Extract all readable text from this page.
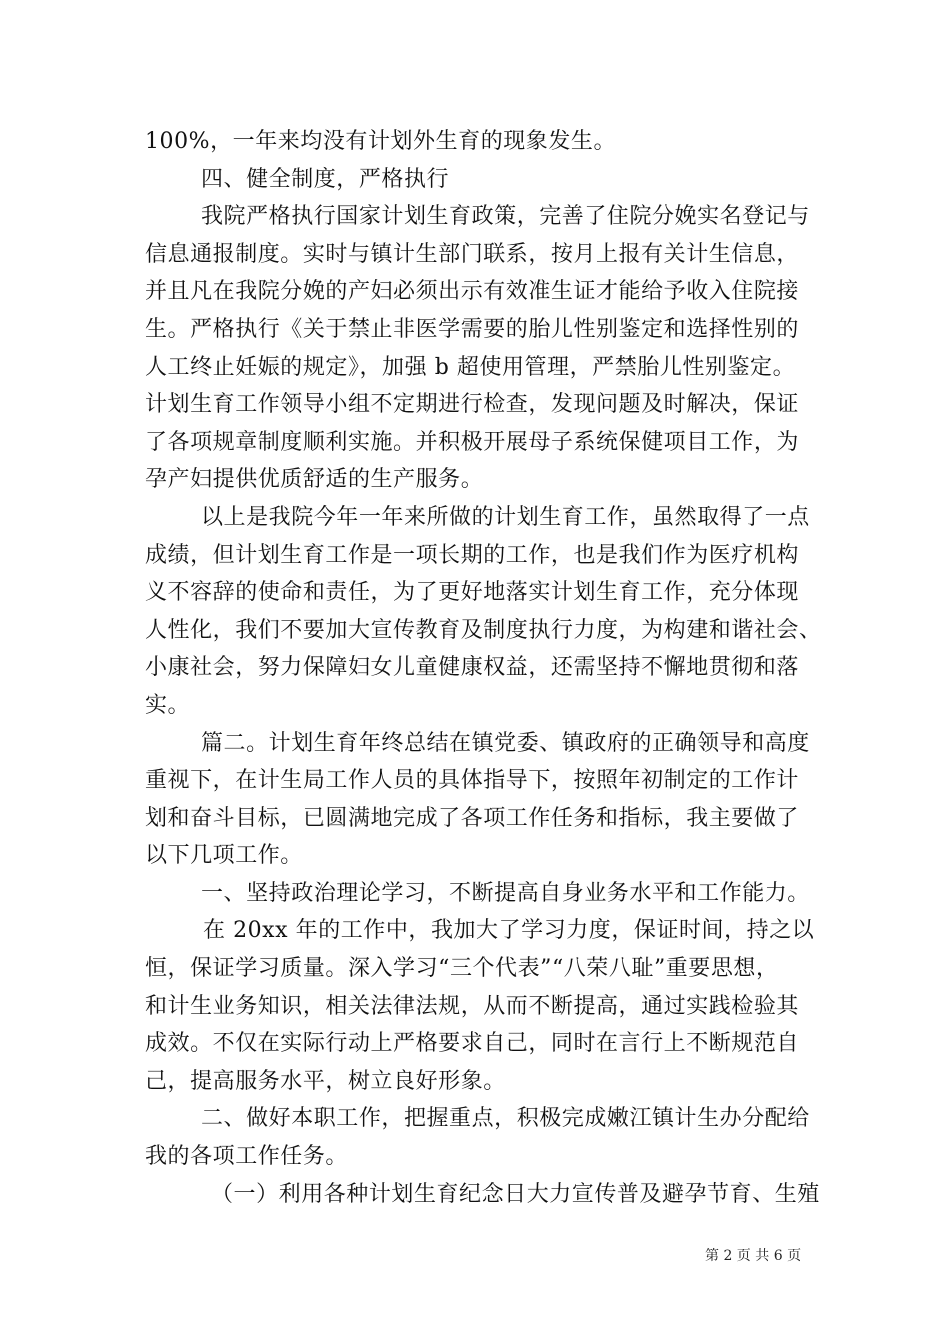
100%，一年来均没有计划外生育的现象发生。
四、健全制度，严格执行
我院严格执行国家计划生育政策，完善了住院分娩实名登记与
信息通报制度。实时与镇计生部门联系，按月上报有关计生信息，
并且凡在我院分娩的产妇必须出示有效准生证才能给予收入住院接
生。严格执行《关于禁止非医学需要的胎儿性别鉴定和选择性别的
人工终止妊娠的规定》，加强 b 超使用管理，严禁胎儿性别鉴定。
计划生育工作领导小组不定期进行检查，发现问题及时解决，保证
了各项规章制度顺利实施。并积极开展母子系统保健项目工作，为
孕产妇提供优质舒适的生产服务。
以上是我院今年一年来所做的计划生育工作，虽然取得了一点
成绩，但计划生育工作是一项长期的工作，也是我们作为医疗机构
义不容辞的使命和责任，为了更好地落实计划生育工作，充分体现
人性化，我们不要加大宣传教育及制度执行力度，为构建和谐社会、
小康社会，努力保障妇女儿童健康权益，还需坚持不懈地贯彻和落
实。
篇二。计划生育年终总结在镇党委、镇政府的正确领导和高度
重视下，在计生局工作人员的具体指导下，按照年初制定的工作计
划和奋斗目标，已圆满地完成了各项工作任务和指标，我主要做了
以下几项工作。
一、坚持政治理论学习，不断提高自身业务水平和工作能力。
在 20xx 年的工作中，我加大了学习力度，保证时间，持之以
恒，保证学习质量。深入学习“三个代表”“八荣八耻”重要思想，
和计生业务知识，相关法律法规，从而不断提高，通过实践检验其
成效。不仅在实际行动上严格要求自己，同时在言行上不断规范自
己，提高服务水平，树立良好形象。
二、做好本职工作，把握重点，积极完成嫩江镇计生办分配给
我的各项工作任务。
（一）利用各种计划生育纪念日大力宣传普及避孕节育、生殖
第 2 页 共 6 页
